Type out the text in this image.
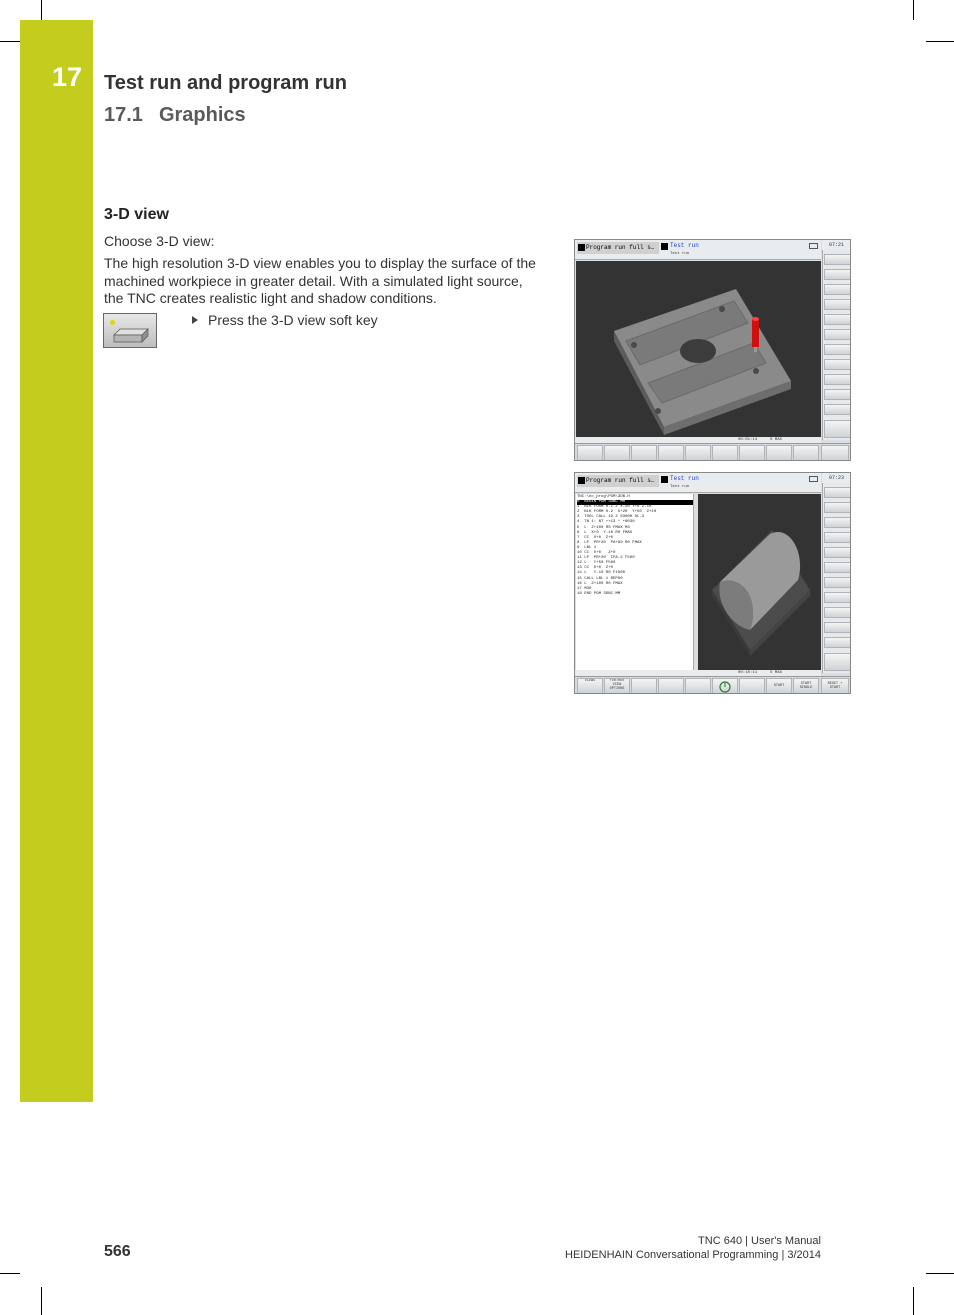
17 Test run and program run
17.1 Graphics
3-D view
Choose 3-D view:
The high resolution 3-D view enables you to display the surface of the machined workpiece in greater detail. With a simulated light source, the TNC creates realistic light and shadow conditions.
Press the 3-D view soft key
Program run full s…	Test run
Test run
07:21
00:01:14	S MAX
Program run full s…	Test run
Test run
07:23
TNC:\nc_prog\PGM\3DB.H

0  BEGIN PGM 3DBC MM
1  BLK FORM 0.1 Z X-20 Y+0 Z-10
2  BLK FORM 0.2  X+20  Y+50  Z+10
3  TOOL CALL 19 Z S3000 DL-3
4  TN 1: NT ++13 * +0030
5  L  Z+100 R0 FMAX M3
6  L  X+0  Y-10 R0 FMAX
7  CC  X+0  Z+0
8  LP  PR+20  PA+90 R0 FMAX
9  LBL 1
10 CC  X+0   Z+0
11 LP  PR+20  IPA-2 F500
12 L   Y+50 F500
13 CC  X+0  Z+0
14 L   Y-10 R0 F1000
15 CALL LBL 1 REP90
16 L  Z+100 R0 FMAX
17 M30
18 END PGM 3DBC MM
00:10:11	S MAX
VIEWS	FURTHER VIEW OPTIONS
START	START SINGLE
RESET + START
566
TNC 640 | User's Manual
HEIDENHAIN Conversational Programming | 3/2014
